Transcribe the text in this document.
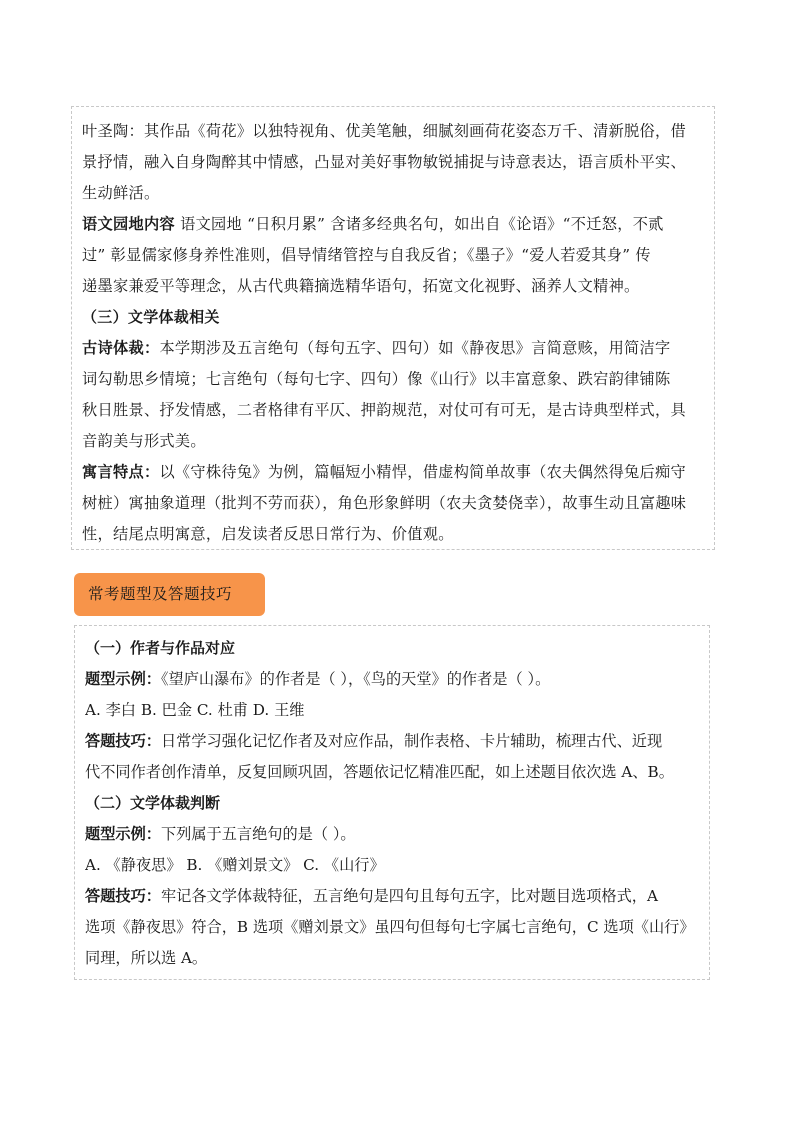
叶圣陶：其作品《荷花》以独特视角、优美笔触，细腻刻画荷花姿态万千、清新脱俗，借
景抒情，融入自身陶醉其中情感，凸显对美好事物敏锐捕捉与诗意表达，语言质朴平实、
生动鲜活。
语文园地内容 语文园地 “日积月累” 含诸多经典名句，如出自《论语》“不迁怒，不贰
过” 彰显儒家修身养性准则，倡导情绪管控与自我反省；《墨子》“爱人若爱其身” 传
递墨家兼爱平等理念，从古代典籍摘选精华语句，拓宽文化视野、涵养人文精神。
（三）文学体裁相关
古诗体裁：本学期涉及五言绝句（每句五字、四句）如《静夜思》言简意赅，用简洁字
词勾勒思乡情境；七言绝句（每句七字、四句）像《山行》以丰富意象、跌宕韵律铺陈
秋日胜景、抒发情感，二者格律有平仄、押韵规范，对仗可有可无，是古诗典型样式，具
音韵美与形式美。
寓言特点：以《守株待兔》为例，篇幅短小精悍，借虚构简单故事（农夫偶然得兔后痴守
树桩）寓抽象道理（批判不劳而获），角色形象鲜明（农夫贪婪侥幸），故事生动且富趣味
性，结尾点明寓意，启发读者反思日常行为、价值观。
常考题型及答题技巧
（一）作者与作品对应
题型示例：《望庐山瀑布》的作者是（ ），《鸟的天堂》的作者是（ ）。
A. 李白 B. 巴金 C. 杜甫 D. 王维
答题技巧：日常学习强化记忆作者及对应作品，制作表格、卡片辅助，梳理古代、近现
代不同作者创作清单，反复回顾巩固，答题依记忆精准匹配，如上述题目依次选 A、B。
（二）文学体裁判断
题型示例：下列属于五言绝句的是（ ）。
A. 《静夜思》 B. 《赠刘景文》 C. 《山行》
答题技巧：牢记各文学体裁特征，五言绝句是四句且每句五字，比对题目选项格式，A
选项《静夜思》符合，B 选项《赠刘景文》虽四句但每句七字属七言绝句，C 选项《山行》
同理，所以选 A。
